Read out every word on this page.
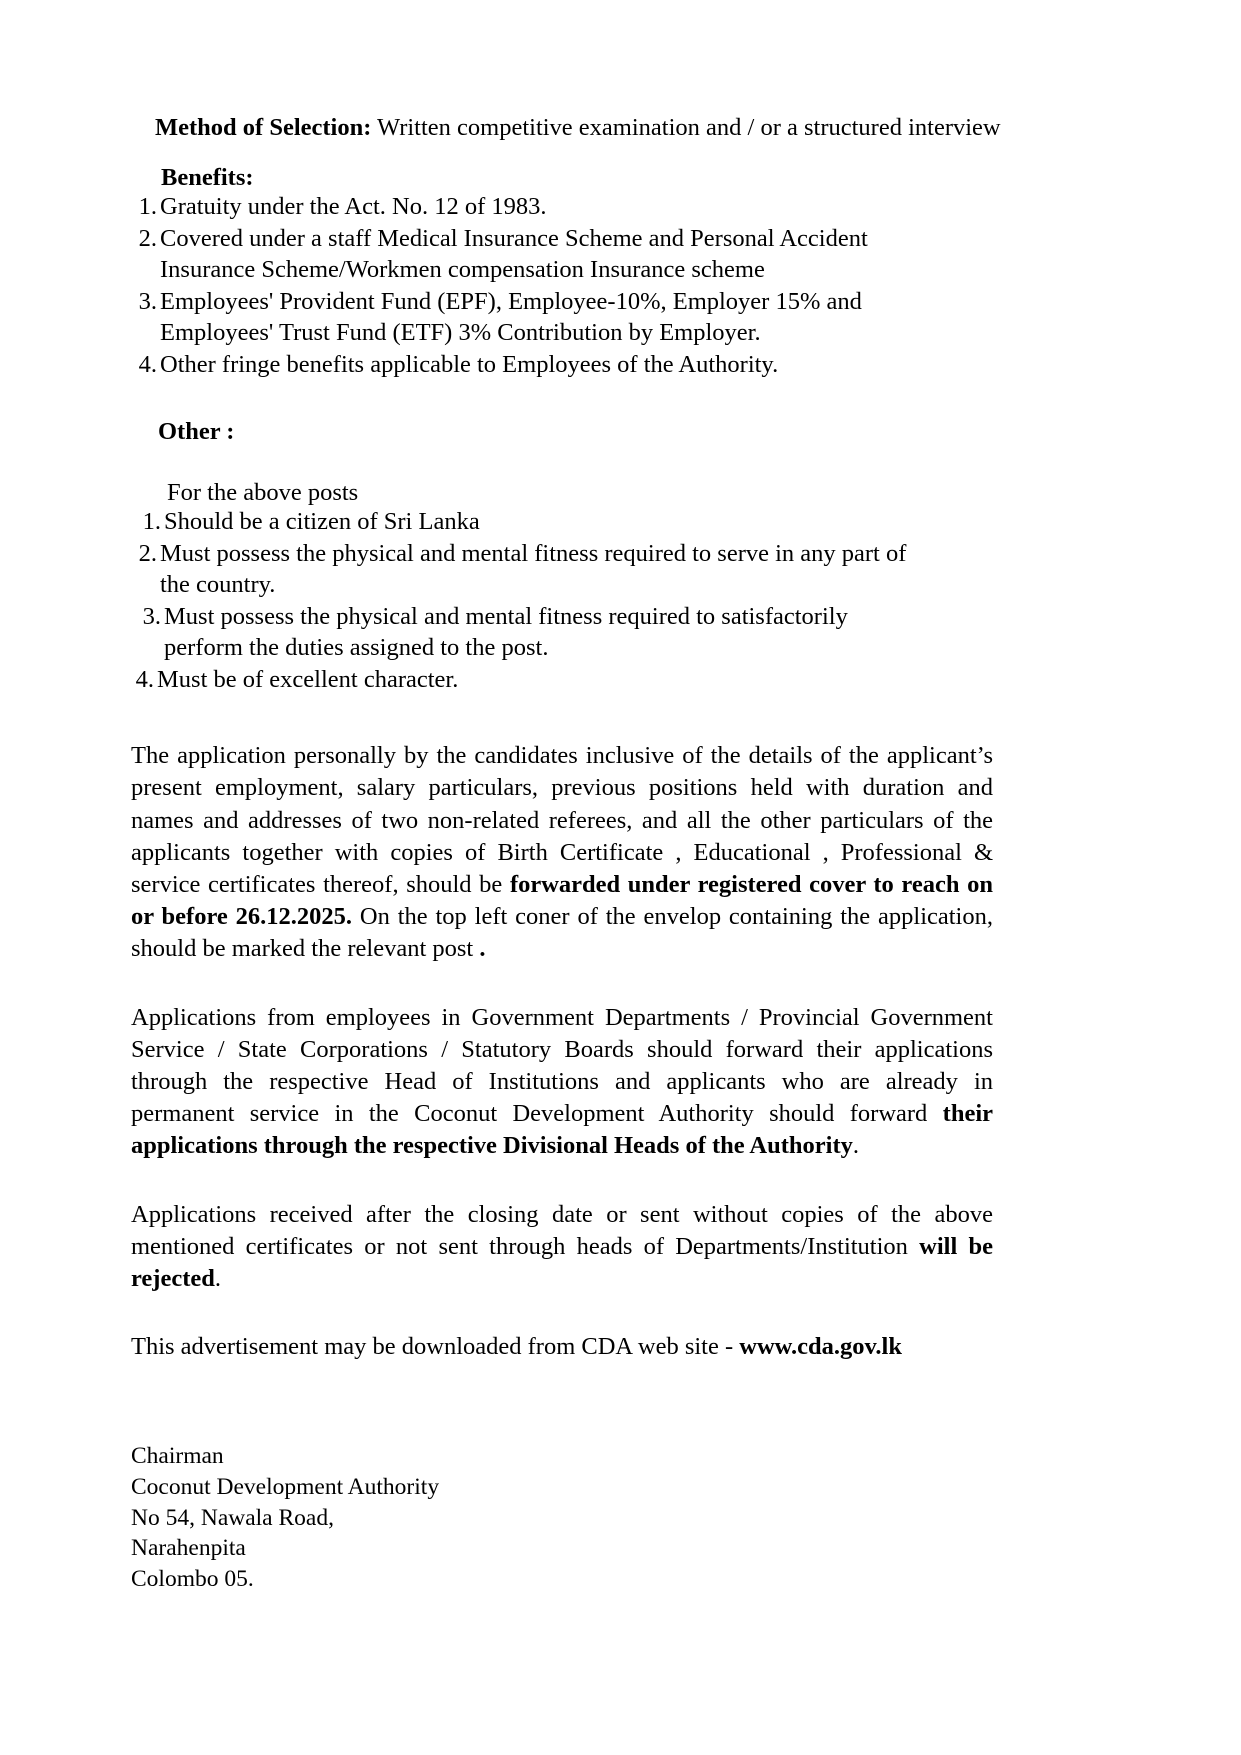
Method of Selection: Written competitive examination and / or a structured interview
Benefits:
1. Gratuity under the Act. No. 12 of 1983.
2. Covered under a staff Medical Insurance Scheme and Personal Accident Insurance Scheme/Workmen compensation Insurance scheme
3. Employees' Provident Fund (EPF), Employee-10%, Employer 15% and Employees' Trust Fund (ETF) 3% Contribution by Employer.
4. Other fringe benefits applicable to Employees of the Authority.
Other :
For the above posts
1. Should be a citizen of Sri Lanka
2. Must possess the physical and mental fitness required to serve in any part of the country.
3. Must possess the physical and mental fitness required to satisfactorily perform the duties assigned to the post.
4. Must be of excellent character.

The application personally by the candidates inclusive of the details of the applicant’s present employment, salary particulars, previous positions held with duration and names and addresses of two non-related referees, and all the other particulars of the applicants together with copies of Birth Certificate , Educational , Professional & service certificates thereof, should be forwarded under registered cover to reach on or before 26.12.2025. On the top left coner of the envelop containing the application, should be marked the relevant post .

Applications from employees in Government Departments / Provincial Government Service / State Corporations / Statutory Boards should forward their applications through the respective Head of Institutions and applicants who are already in permanent service in the Coconut Development Authority should forward their applications through the respective Divisional Heads of the Authority.

Applications received after the closing date or sent without copies of the above mentioned certificates or not sent through heads of Departments/Institution will be rejected.

This advertisement may be downloaded from CDA web site - www.cda.gov.lk

Chairman
Coconut Development Authority
No 54, Nawala Road,
Narahenpita
Colombo 05.
